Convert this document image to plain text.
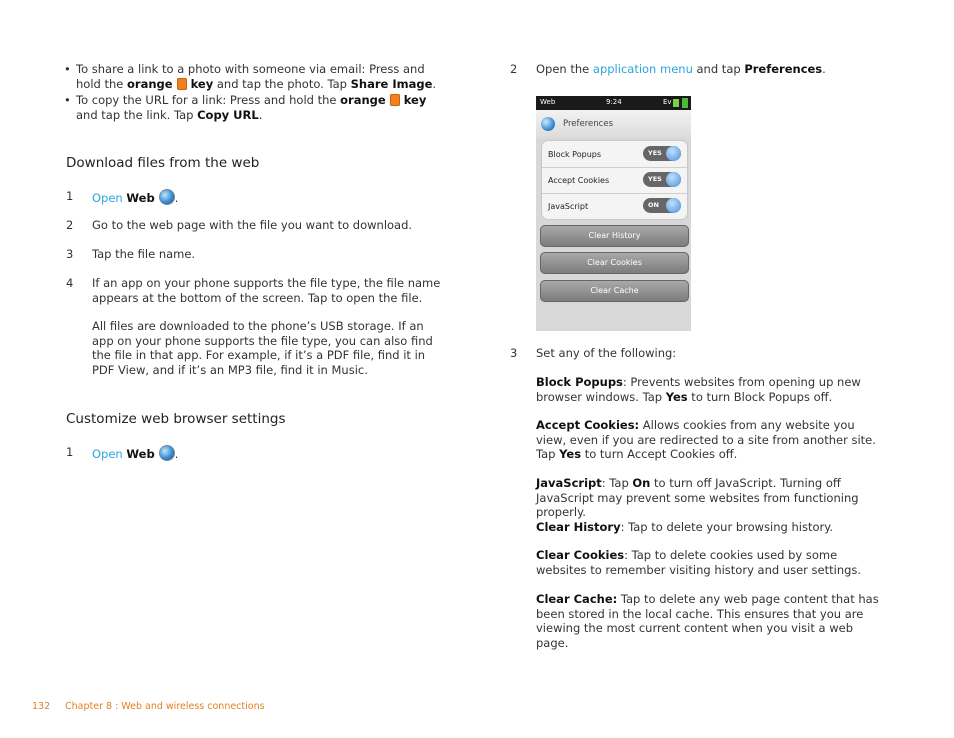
• To share a link to a photo with someone via email: Press and hold the orange key and tap the photo. Tap Share Image.
• To copy the URL for a link: Press and hold the orange key and tap the link. Tap Copy URL.
Download files from the web
1 Open Web .
2 Go to the web page with the file you want to download.
3 Tap the file name.
4 If an app on your phone supports the file type, the file name appears at the bottom of the screen. Tap to open the file.
All files are downloaded to the phone’s USB storage. If an app on your phone supports the file type, you can also find the file in that app. For example, if it’s a PDF file, find it in PDF View, and if it’s an MP3 file, find it in Music.
Customize web browser settings
1 Open Web .
2 Open the application menu and tap Preferences.
Web	9:24	Ev
Preferences
Block Popups	YES
Accept Cookies	YES
JavaScript	ON
Clear History
Clear Cookies
Clear Cache
3 Set any of the following:
Block Popups: Prevents websites from opening up new browser windows. Tap Yes to turn Block Popups off.
Accept Cookies: Allows cookies from any website you view, even if you are redirected to a site from another site. Tap Yes to turn Accept Cookies off.
JavaScript: Tap On to turn off JavaScript. Turning off JavaScript may prevent some websites from functioning properly.
Clear History: Tap to delete your browsing history.
Clear Cookies: Tap to delete cookies used by some websites to remember visiting history and user settings.
Clear Cache: Tap to delete any web page content that has been stored in the local cache. This ensures that you are viewing the most current content when you visit a web page.
132 Chapter 8 : Web and wireless connections
